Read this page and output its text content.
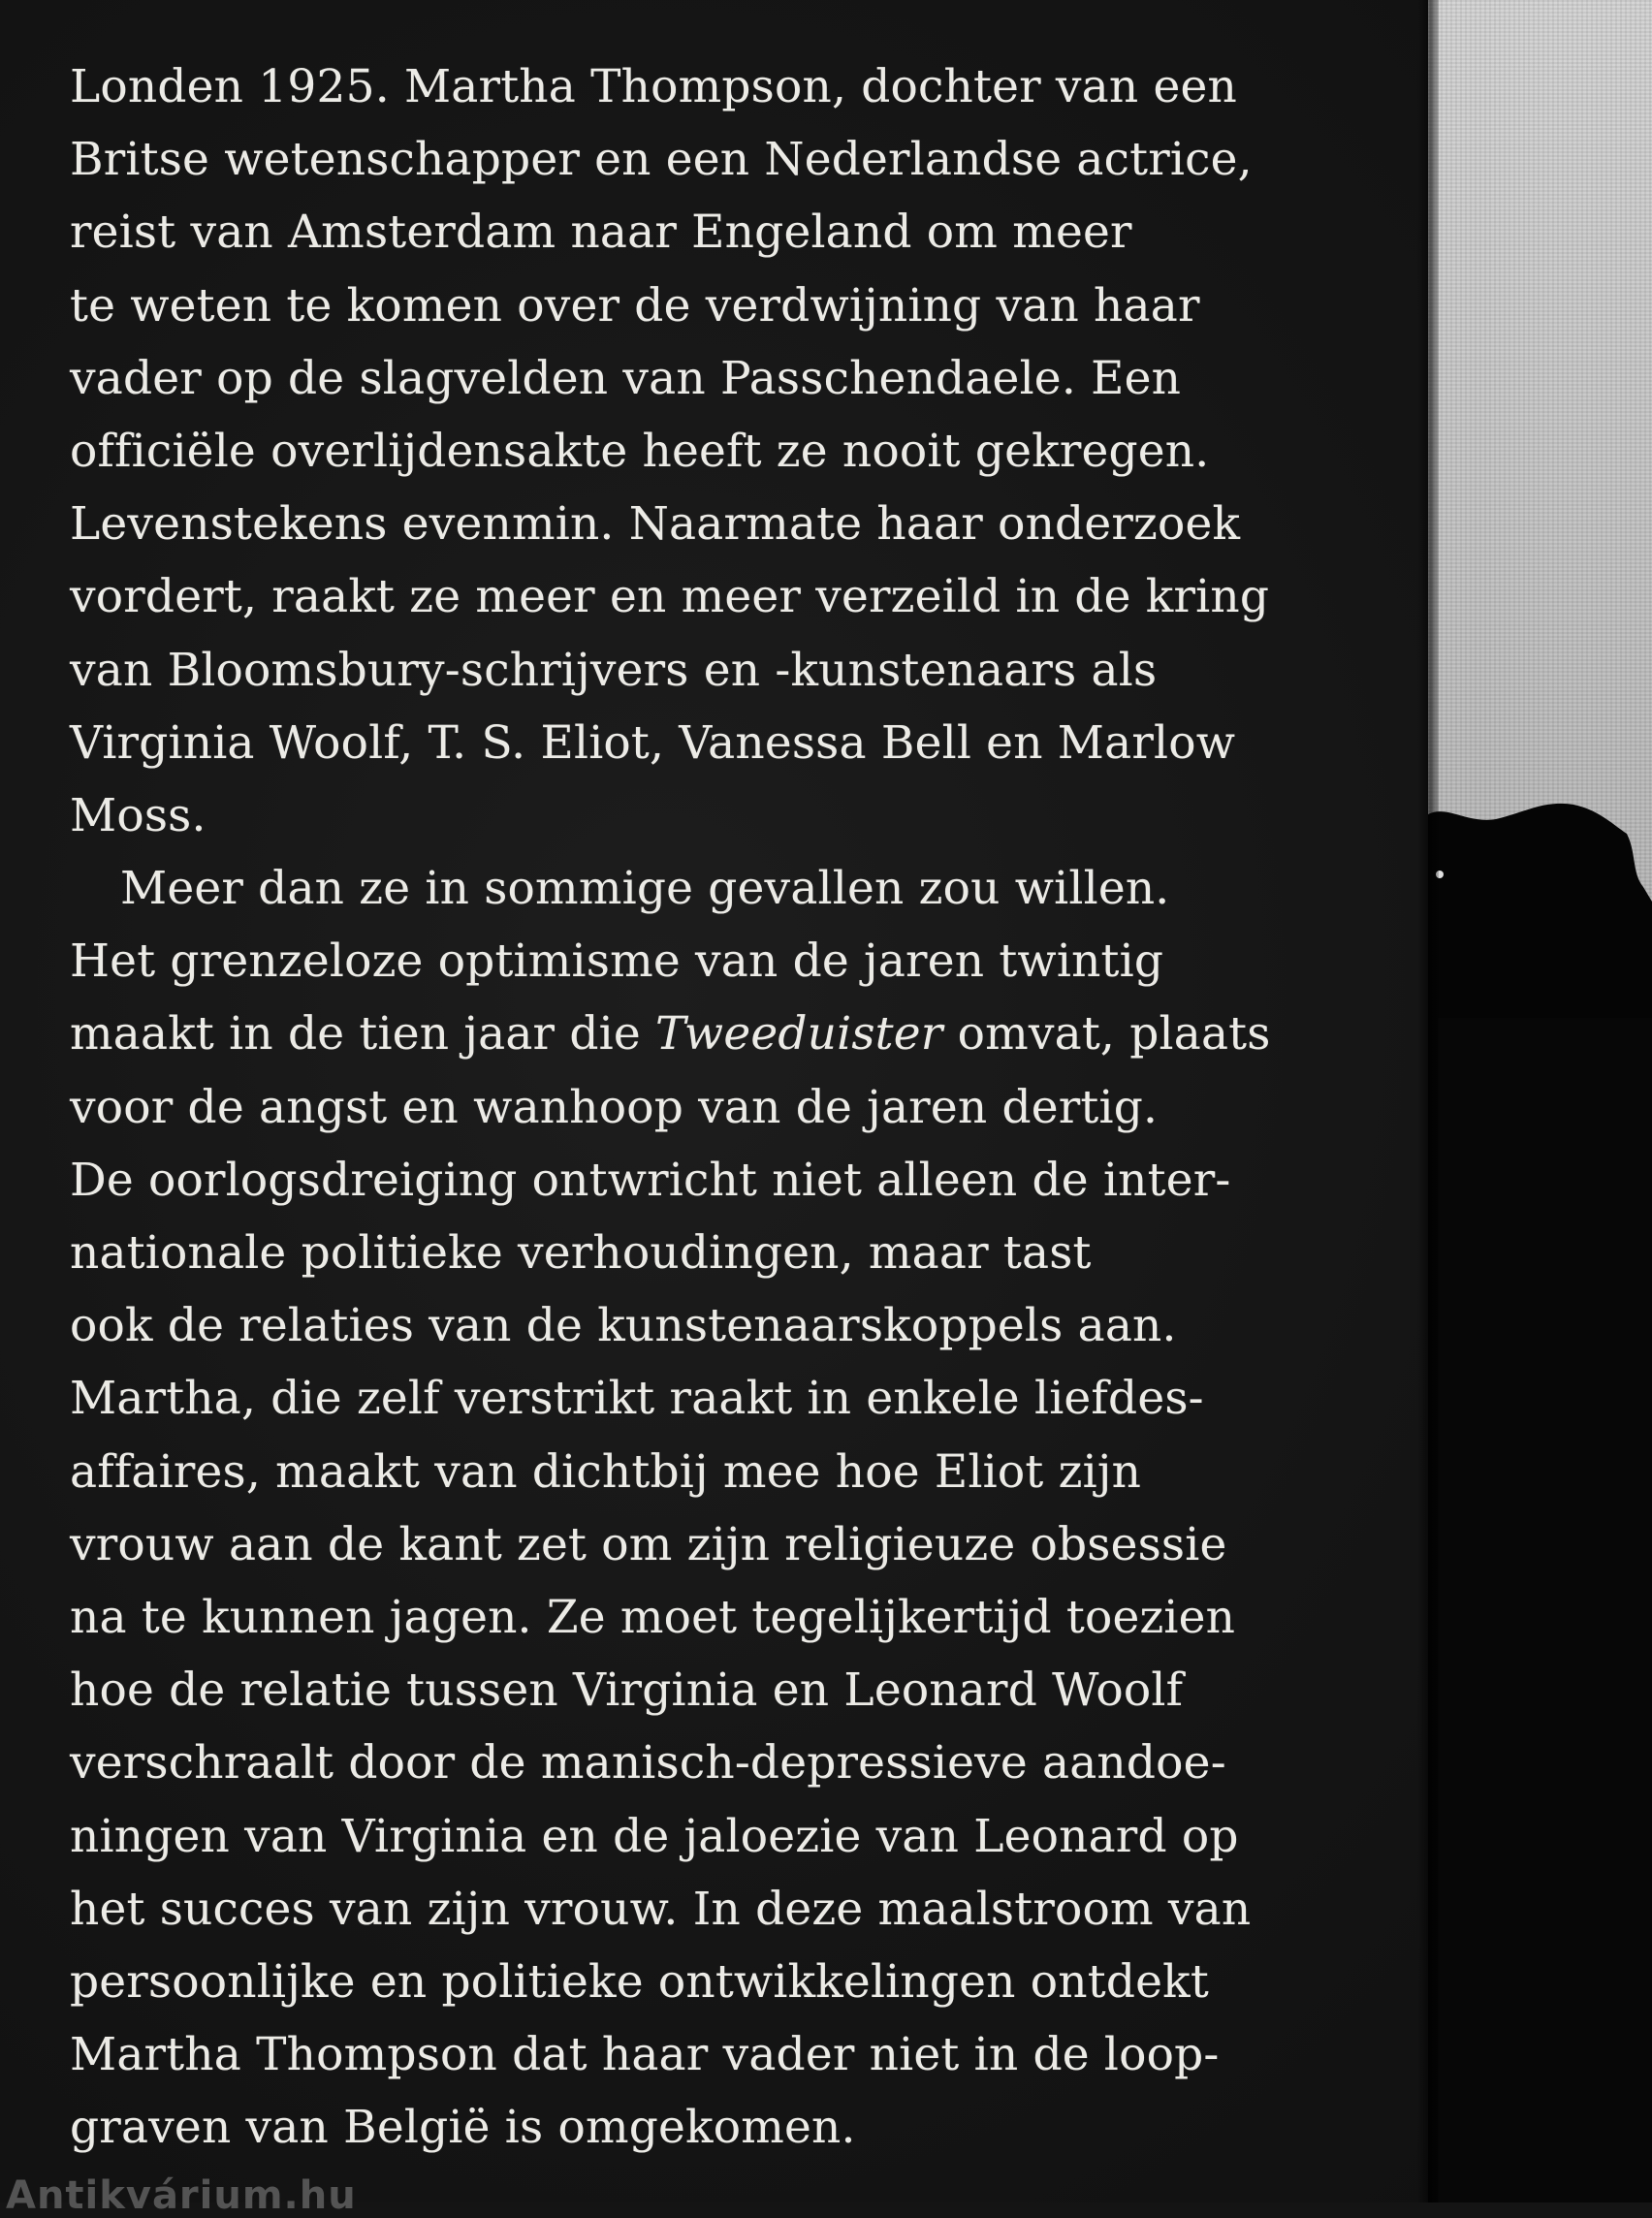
Londen 1925. Martha Thompson, dochter van een
Britse wetenschapper en een Nederlandse actrice,
reist van Amsterdam naar Engeland om meer
te weten te komen over de verdwijning van haar
vader op de slagvelden van Passchendaele. Een
officiële overlijdensakte heeft ze nooit gekregen.
Levenstekens evenmin. Naarmate haar onderzoek
vordert, raakt ze meer en meer verzeild in de kring
van Bloomsbury-schrijvers en -kunstenaars als
Virginia Woolf, T. S. Eliot, Vanessa Bell en Marlow
Moss.

Meer dan ze in sommige gevallen zou willen.
Het grenzeloze optimisme van de jaren twintig
maakt in de tien jaar die Tweeduister omvat, plaats
voor de angst en wanhoop van de jaren dertig.
De oorlogsdreiging ontwricht niet alleen de inter-
nationale politieke verhoudingen, maar tast
ook de relaties van de kunstenaarskoppels aan.
Martha, die zelf verstrikt raakt in enkele liefdes-
affaires, maakt van dichtbij mee hoe Eliot zijn
vrouw aan de kant zet om zijn religieuze obsessie
na te kunnen jagen. Ze moet tegelijkertijd toezien
hoe de relatie tussen Virginia en Leonard Woolf
verschraalt door de manisch-depressieve aandoe-
ningen van Virginia en de jaloezie van Leonard op
het succes van zijn vrouw. In deze maalstroom van
persoonlijke en politieke ontwikkelingen ontdekt
Martha Thompson dat haar vader niet in de loop-
graven van België is omgekomen.

Antikvárium.hu
